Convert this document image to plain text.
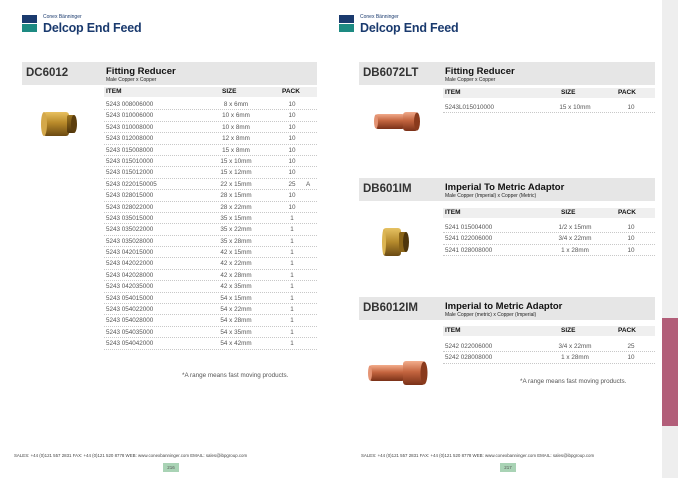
Conex Bänninger
Delcop End Feed
DC6012	Fitting Reducer
Male Copper x Copper
ITEM	SIZE	PACK
5243 008006000	8 x 6mm	10
5243 010006000	10 x 6mm	10
5243 010008000	10 x 8mm	10
5243 012008000	12 x 8mm	10
5243 015008000	15 x 8mm	10
5243 015010000	15 x 10mm	10
5243 015012000	15 x 12mm	10
5243 0220150005	22 x 15mm	25	A
5243 028015000	28 x 15mm	10
5243 028022000	28 x 22mm	10
5243 035015000	35 x 15mm	1
5243 035022000	35 x 22mm	1
5243 035028000	35 x 28mm	1
5243 042015000	42 x 15mm	1
5243 042022000	42 x 22mm	1
5243 042028000	42 x 28mm	1
5243 042035000	42 x 35mm	1
5243 054015000	54 x 15mm	1
5243 054022000	54 x 22mm	1
5243 054028000	54 x 28mm	1
5243 054035000	54 x 35mm	1
5243 054042000	54 x 42mm	1
*A range means fast moving products.
SALES: +44 (0)121 557 2831 FAX: +44 (0)121 520 8778 WEB: www.conexbanninger.com EMAIL: sales@ibpgroup.com
216
Conex Bänninger
Delcop End Feed
DB6072LT	Fitting Reducer
Male Copper x Copper
ITEM	SIZE	PACK
5243L015010000	15 x 10mm	10
DB601IM	Imperial To Metric Adaptor
Male Copper (Imperial) x Copper (Metric)
ITEM	SIZE	PACK
5241 015004000	1/2 x 15mm	10
5241 022006000	3/4 x 22mm	10
5241 028008000	1 x 28mm	10
DB6012IM	Imperial to Metric Adaptor
Male Copper (metric) x Copper (Imperial)
ITEM	SIZE	PACK
5242 022006000	3/4 x 22mm	25
5242 028008000	1 x 28mm	10
*A range means fast moving products.
SALES: +44 (0)121 557 2831 FAX: +44 (0)121 520 8778 WEB: www.conexbanninger.com EMAIL: sales@ibpgroup.com
217
